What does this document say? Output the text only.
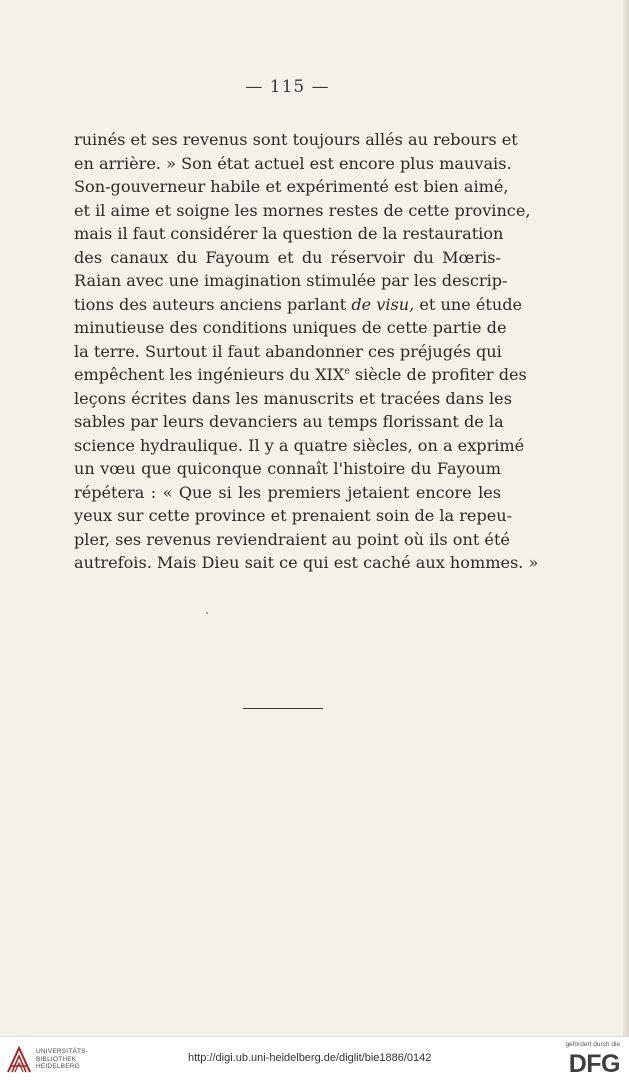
— 115 —
ruinés et ses revenus sont toujours allés au rebours et
en arrière. » Son état actuel est encore plus mauvais.
Son-gouverneur habile et expérimenté est bien aimé,
et il aime et soigne les mornes restes de cette province,
mais il faut considérer la question de la restauration
des canaux du Fayoum et du réservoir du Mœris-
Raian avec une imagination stimulée par les descrip-
tions des auteurs anciens parlant de visu, et une étude
minutieuse des conditions uniques de cette partie de
la terre. Surtout il faut abandonner ces préjugés qui
empêchent les ingénieurs du XIXe siècle de profiter des
leçons écrites dans les manuscrits et tracées dans les
sables par leurs devanciers au temps florissant de la
science hydraulique. Il y a quatre siècles, on a exprimé
un vœu que quiconque connaît l'histoire du Fayoum
répétera : « Que si les premiers jetaient encore les
yeux sur cette province et prenaient soin de la repeu-
pler, ses revenus reviendraient au point où ils ont été
autrefois. Mais Dieu sait ce qui est caché aux hommes. »
UNIVERSITÄTS-
BIBLIOTHEK
HEIDELBERG
http://digi.ub.uni-heidelberg.de/diglit/bie1886/0142
gefördert durch die
DFG
